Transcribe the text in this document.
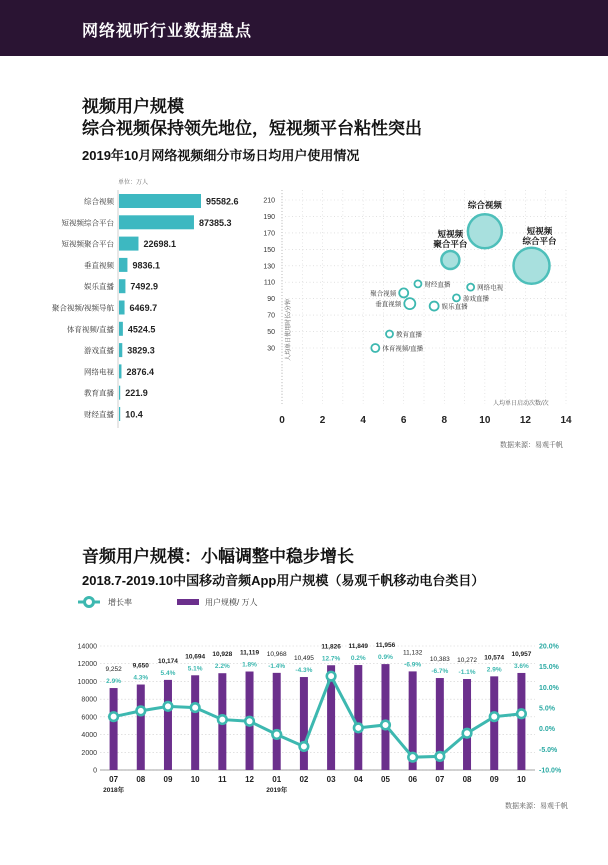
网络视听行业数据盘点
视频用户规模
综合视频保持领先地位，短视频平台粘性突出
2019年10月网络视频细分市场日均用户使用情况
单位：万人
综合视频	95582.6
短视频综合平台	87385.3
短视频聚合平台	22698.1
垂直视频 9836.1
娱乐直播 7492.9
聚合视频/视频导航 6469.7
体育视频/直播 4524.5
游戏直播 3829.3
网络电视 2876.4
教育直播 221.9
财经直播 10.4
30
50
70
90
110
130
150
170
190
210
0	2	4	6	8	10	12	14
人均单日使用时长/分钟
人均单日启动次数/次
综合视频
短视频
综合平台
短视频
聚合平台
财经直播	网络电视
聚合视频
游戏直播
垂直视频	娱乐直播
教育直播
体育视频/直播
数据来源：易观千帆
音频用户规模：小幅调整中稳步增长
2018.7-2019.10中国移动音频App用户规模（易观千帆移动电台类目）
增长率	用户规模/ 万人
0
2000
4000
6000
8000
10000
12000
14000
-10.0%
-5.0%
0.0%
5.0%
10.0%
15.0%
20.0%
9,252
2.9%
07
9,650
4.3%
08
10,174
5.4%
09
10,694
5.1%
10
10,928
2.2%
11
11,119
1.8%
12
10,968
-1.4%
01
10,495
-4.3%
02
11,826
12.7%
03
11,849
0.2%
04
11,956
0.9%
05
11,132
-6.9%
06
10,383
-6.7%
07
10,272
-1.1%
08
10,574
2.9%
09
10,957
3.6%
10
2018年	2019年
数据来源：易观千帆
